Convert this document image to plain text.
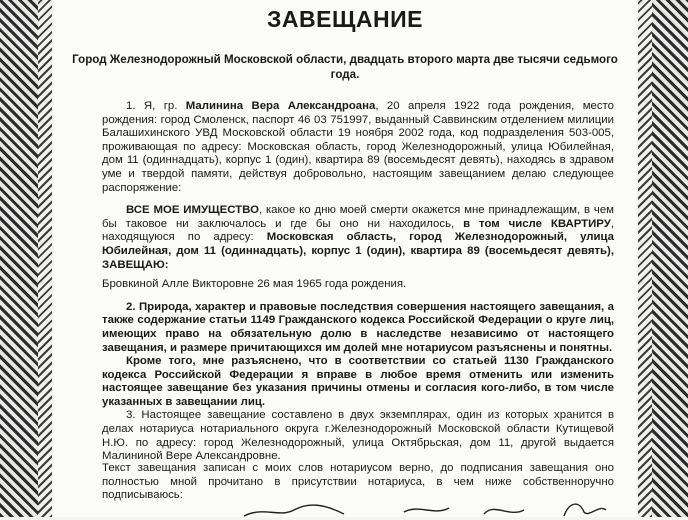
ЗАВЕЩАНИЕ
Город Железнодорожный Московской области, двадцать второго марта две тысячи седьмого года.

1. Я, гр. Малинина Вера Александроана, 20 апреля 1922 года рождения, место рождения: город Смоленск, паспорт 46 03 751997, выданный Саввинским отделением милиции Балашихинского УВД Московской области 19 ноября 2002 года, код подразделения 503-005, проживающая по адресу: Московская область, город Железнодорожный, улица Юбилейная, дом 11 (одиннадцать), корпус 1 (один), квартира 89 (восемьдесят девять), находясь в здравом уме и твердой памяти, действуя добровольно, настоящим завещанием делаю следующее распоряжение:

ВСЕ МОЕ ИМУЩЕСТВО, какое ко дню моей смерти окажется мне принадлежащим, в чем бы таковое ни заключалось и где бы оно ни находилось, в том числе КВАРТИРУ, находящуюся по адресу: Московская область, город Железнодорожный, улица Юбилейная, дом 11 (одиннадцать), корпус 1 (один), квартира 89 (восемьдесят девять), ЗАВЕЩАЮ:

Бровкиной Алле Викторовне 26 мая 1965 года рождения.

2. Природа, характер и правовые последствия совершения настоящего завещания, а также содержание статьи 1149 Гражданского кодекса Российской Федерации о круге лиц, имеющих право на обязательную долю в наследстве независимо от настоящего завещания, и размере причитающихся им долей мне нотариусом разъяснены и понятны.

Кроме того, мне разъяснено, что в соответствии со статьей 1130 Гражданского кодекса Российской Федерации я вправе в любое время отменить или изменить настоящее завещание без указания причины отмены и согласия кого-либо, в том числе указанных в завещании лиц.

3. Настоящее завещание составлено в двух экземплярах, один из которых хранится в делах нотариуса нотариального округа г.Железнодорожный Московской области Кутищевой Н.Ю. по адресу: город Железнодорожный, улица Октябрьская, дом 11, другой выдается Малининой Вере Александровне.

Текст завещания записан с моих слов нотариусом верно, до подписания завещания оно полностью мной прочитано в присутствии нотариуса, в чем ниже собственноручно подписываюсь:
